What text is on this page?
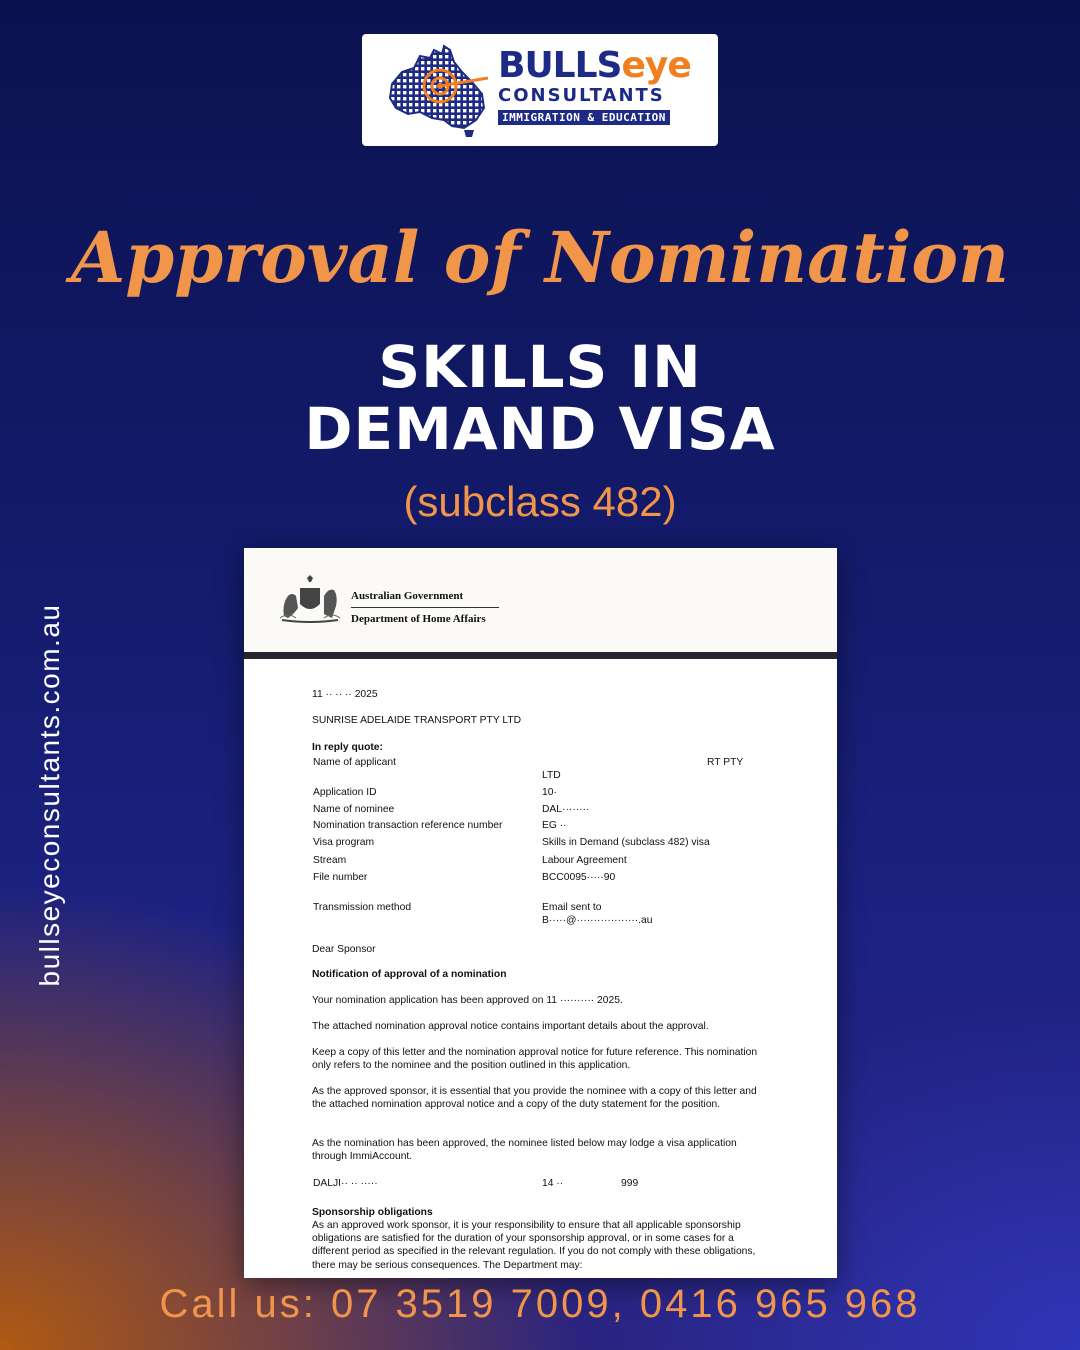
BULLSeye
CONSULTANTS
IMMIGRATION & EDUCATION
Approval of Nomination
SKILLS IN
DEMAND VISA
(subclass 482)
bullseyeconsultants.com.au
Australian Government
Department of Home Affairs
11 ·· ·· ·· 2025
SUNRISE ADELAIDE TRANSPORT PTY LTD
In reply quote:
Name of applicant	RT PTY
LTD
Application ID	10·
Name of nominee	DAL········
Nomination transaction reference number	EG ··
Visa program	Skills in Demand (subclass 482) visa
Stream	Labour Agreement
File number	BCC0095·····90
Transmission method	Email sent to
B·····@··················.au
Dear Sponsor
Notification of approval of a nomination
Your nomination application has been approved on 11 ·········· 2025.
The attached nomination approval notice contains important details about the approval.
Keep a copy of this letter and the nomination approval notice for future reference. This nomination only refers to the nominee and the position outlined in this application.
As the approved sponsor, it is essential that you provide the nominee with a copy of this letter and the attached nomination approval notice and a copy of the duty statement for the position.
As the nomination has been approved, the nominee listed below may lodge a visa application through ImmiAccount.
DALJI·· ·· ·····	14 ··	999
Sponsorship obligations
As an approved work sponsor, it is your responsibility to ensure that all applicable sponsorship obligations are satisfied for the duration of your sponsorship approval, or in some cases for a different period as specified in the relevant regulation. If you do not comply with these obligations, there may be serious consequences. The Department may:
Call us: 07 3519 7009, 0416 965 968
